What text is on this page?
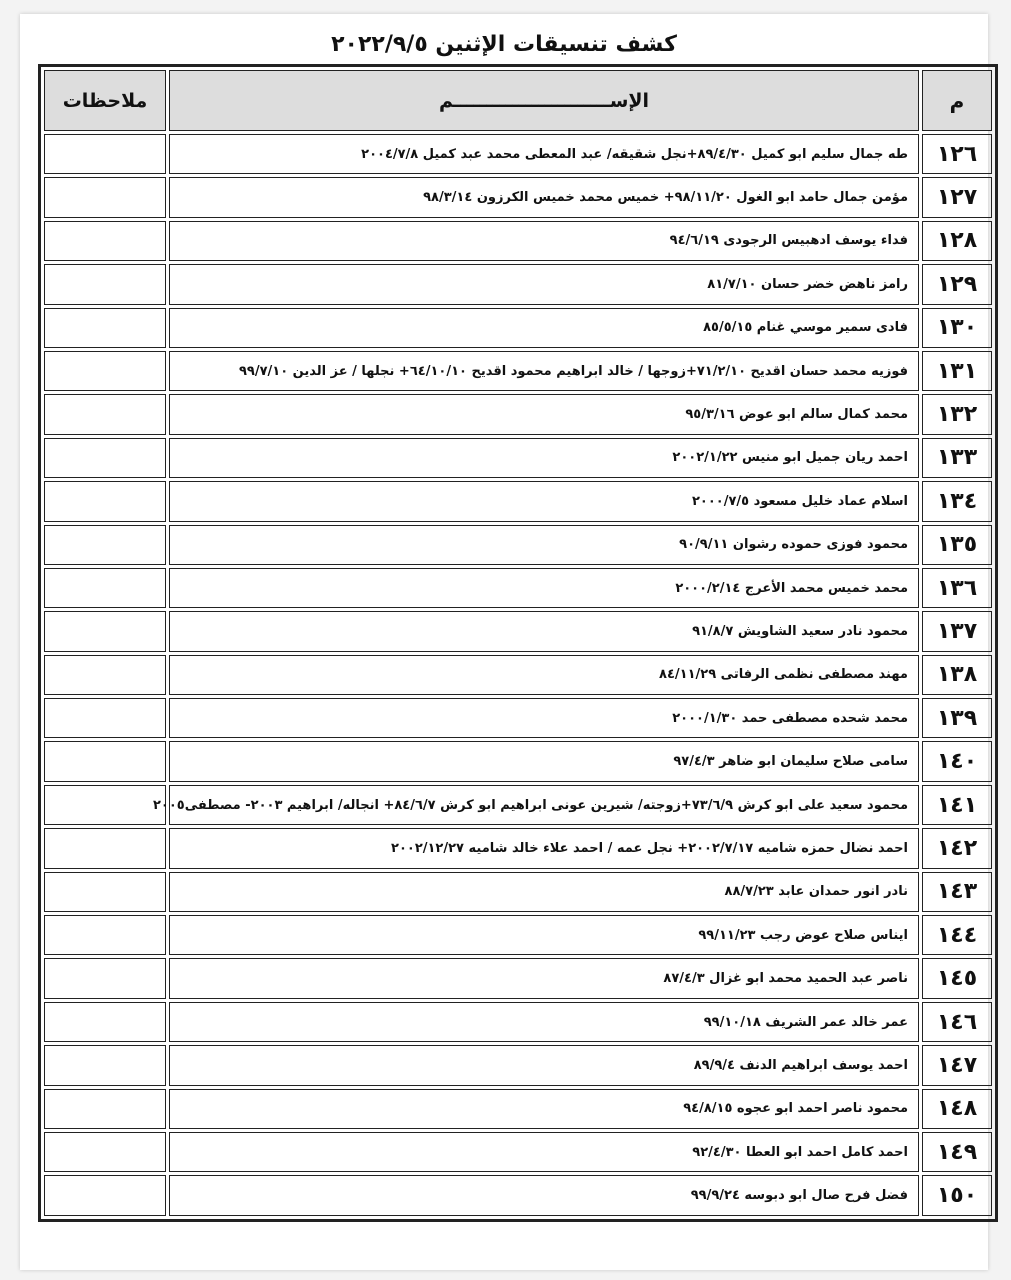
كشف تنسيقات الإثنين ٢٠٢٢/٩/٥
ملاحظات	الإســــــــــــــــــــــــم	م
	طه جمال سليم ابو كميل ٨٩/٤/٣٠+نجل شقيقه/ عبد المعطى محمد عبد كميل ٢٠٠٤/٧/٨	١٢٦
	مؤمن جمال حامد ابو الغول ٩٨/١١/٢٠+ خميس محمد خميس الكرزون ٩٨/٣/١٤	١٢٧
	فداء يوسف ادهبيس الرجودى ٩٤/٦/١٩	١٢٨
	رامز ناهض خضر حسان ٨١/٧/١٠	١٢٩
	فادى سمير موسي غنام ٨٥/٥/١٥	١٣٠
	فوزيه محمد حسان اقديح ٧١/٢/١٠+زوجها / خالد ابراهيم محمود اقديح ٦٤/١٠/١٠+ نجلها / عز الدين ٩٩/٧/١٠	١٣١
	محمد كمال سالم ابو عوض ٩٥/٣/١٦	١٣٢
	احمد ريان جميل ابو منيس ٢٠٠٢/١/٢٢	١٣٣
	اسلام عماد خليل مسعود ٢٠٠٠/٧/٥	١٣٤
	محمود فوزى حموده رشوان ٩٠/٩/١١	١٣٥
	محمد خميس محمد الأعرج ٢٠٠٠/٢/١٤	١٣٦
	محمود نادر سعيد الشاويش ٩١/٨/٧	١٣٧
	مهند مصطفى نظمى الرفاتى ٨٤/١١/٢٩	١٣٨
	محمد شحده مصطفى حمد ٢٠٠٠/١/٣٠	١٣٩
	سامى صلاح سليمان ابو ضاهر ٩٧/٤/٣	١٤٠
	محمود سعيد على ابو كرش ٧٣/٦/٩+زوجته/ شيرين عونى ابراهيم ابو كرش ٨٤/٦/٧+ انجاله/ ابراهيم ٢٠٠٣- مصطفى٢٠٠٥	١٤١
	احمد نضال حمزه شاميه ٢٠٠٢/٧/١٧+ نجل عمه / احمد علاء خالد شاميه ٢٠٠٢/١٢/٢٧	١٤٢
	نادر انور حمدان عابد ٨٨/٧/٢٣	١٤٣
	ايناس صلاح عوض رجب ٩٩/١١/٢٣	١٤٤
	ناصر عبد الحميد محمد ابو غزال ٨٧/٤/٣	١٤٥
	عمر خالد عمر الشريف ٩٩/١٠/١٨	١٤٦
	احمد يوسف ابراهيم الدنف ٨٩/٩/٤	١٤٧
	محمود ناصر احمد ابو عجوه ٩٤/٨/١٥	١٤٨
	احمد كامل احمد ابو العطا ٩٢/٤/٣٠	١٤٩
	فضل فرح صال ابو دبوسه ٩٩/٩/٢٤	١٥٠
